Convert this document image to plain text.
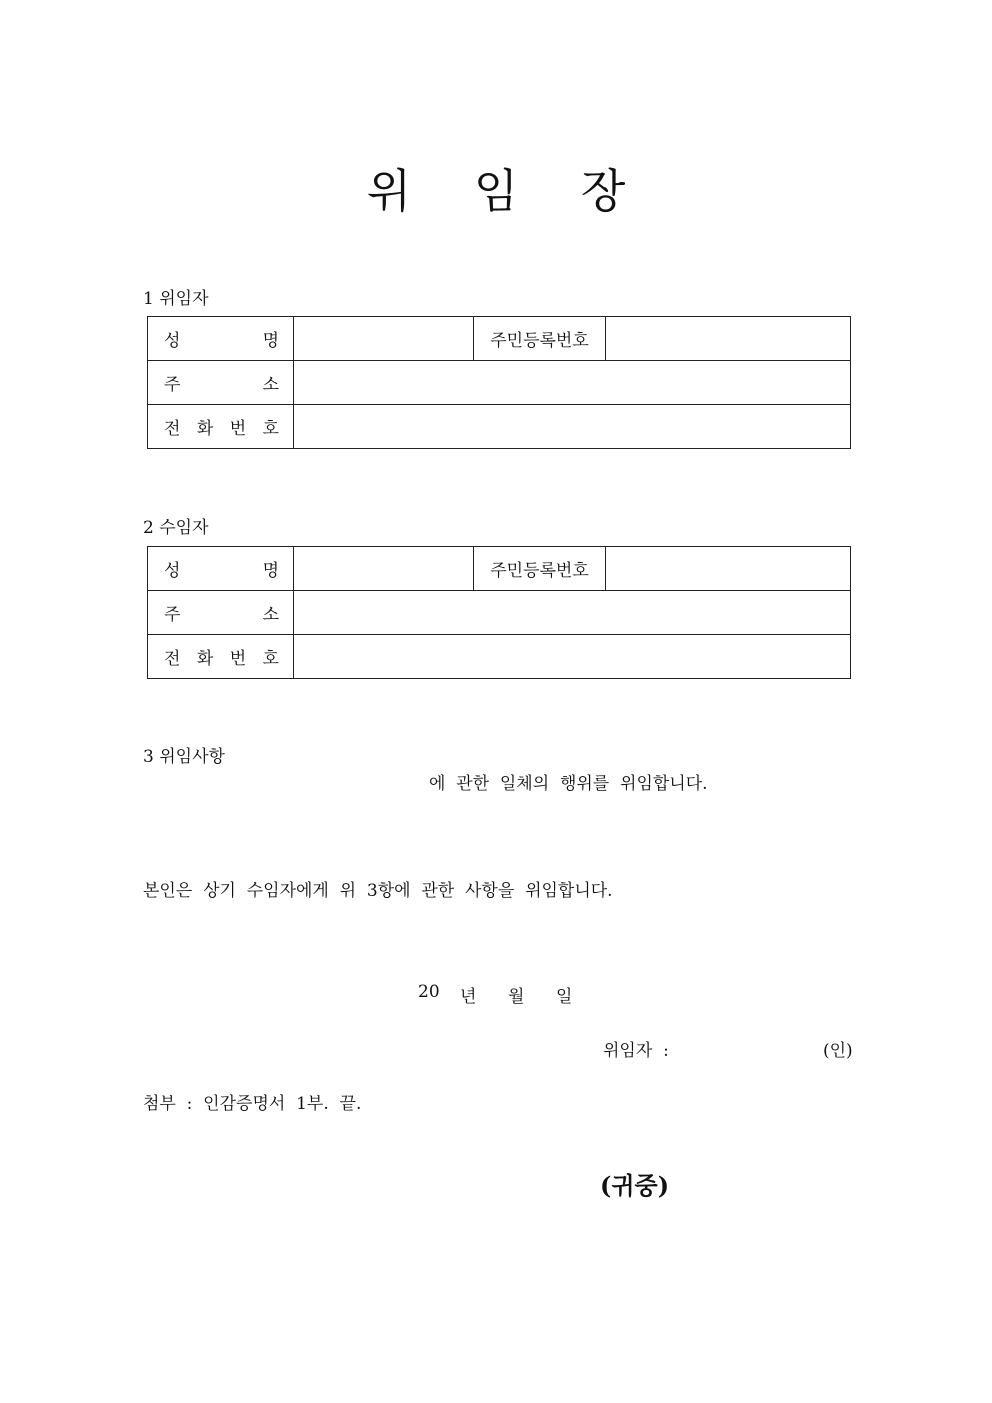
위 임 장
1 위임자
성 명		주민등록번호	

주 소			

전 화 번 호			

2 수임자
성 명		주민등록번호	

주 소			

전 화 번 호			

3 위임사항
에  관한  일체의  행위를  위임합니다.
본인은  상기  수임자에게  위  3항에  관한  사항을  위임합니다.
20	년	월	일
위임자  :	(인)
첨부  :  인감증명서  1부.  끝.
(귀중)
